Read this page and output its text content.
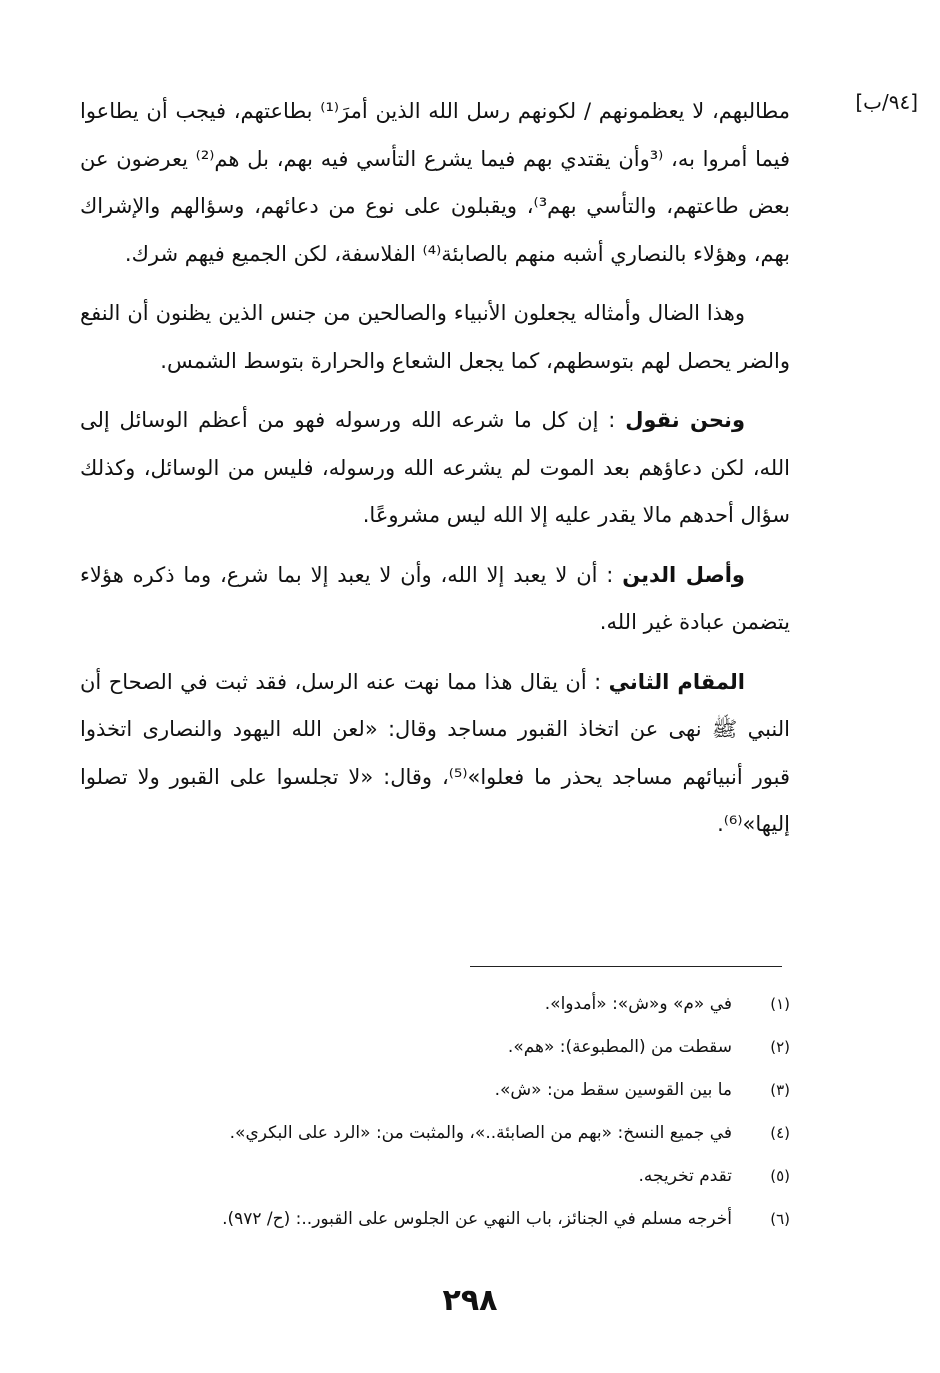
[٩٤/ب]

مطالبهم، لا يعظمونهم / لكونهم رسل الله الذين أمرَ⁽¹⁾ بطاعتهم، فيجب أن يطاعوا فيما أمروا به، ⁽³وأن يقتدي بهم فيما يشرع التأسي فيه بهم، بل هم⁽²⁾ يعرضون عن بعض طاعتهم، والتأسي بهم³⁾، ويقبلون على نوع من دعائهم، وسؤالهم والإشراك بهم، وهؤلاء بالنصاري أشبه منهم بالصابئة⁽⁴⁾ الفلاسفة، لكن الجميع فيهم شرك.

وهذا الضال وأمثاله يجعلون الأنبياء والصالحين من جنس الذين يظنون أن النفع والضر يحصل لهم بتوسطهم، كما يجعل الشعاع والحرارة بتوسط الشمس.

ونحن نقول : إن كل ما شرعه الله ورسوله فهو من أعظم الوسائل إلى الله، لكن دعاؤهم بعد الموت لم يشرعه الله ورسوله، فليس من الوسائل، وكذلك سؤال أحدهم مالا يقدر عليه إلا الله ليس مشروعًا.

وأصل الدين : أن لا يعبد إلا الله، وأن لا يعبد إلا بما شرع، وما ذكره هؤلاء يتضمن عبادة غير الله.

المقام الثاني : أن يقال هذا مما نهت عنه الرسل، فقد ثبت في الصحاح أن النبي ﷺ نهى عن اتخاذ القبور مساجد وقال: «لعن الله اليهود والنصارى اتخذوا قبور أنبيائهم مساجد يحذر ما فعلوا»⁽⁵⁾، وقال: «لا تجلسوا على القبور ولا تصلوا إليها»⁽⁶⁾.

(١)
في «م» و«ش»: «أمدوا».
(٢)
سقطت من (المطبوعة): «هم».
(٣)
ما بين القوسين سقط من: «ش».
(٤)
في جميع النسخ: «بهم من الصابئة..»، والمثبت من: «الرد على البكري».
(٥)
تقدم تخريجه.
(٦)
أخرجه مسلم في الجنائز، باب النهي عن الجلوس على القبور..: (ح/ ٩٧٢).
٢٩٨
